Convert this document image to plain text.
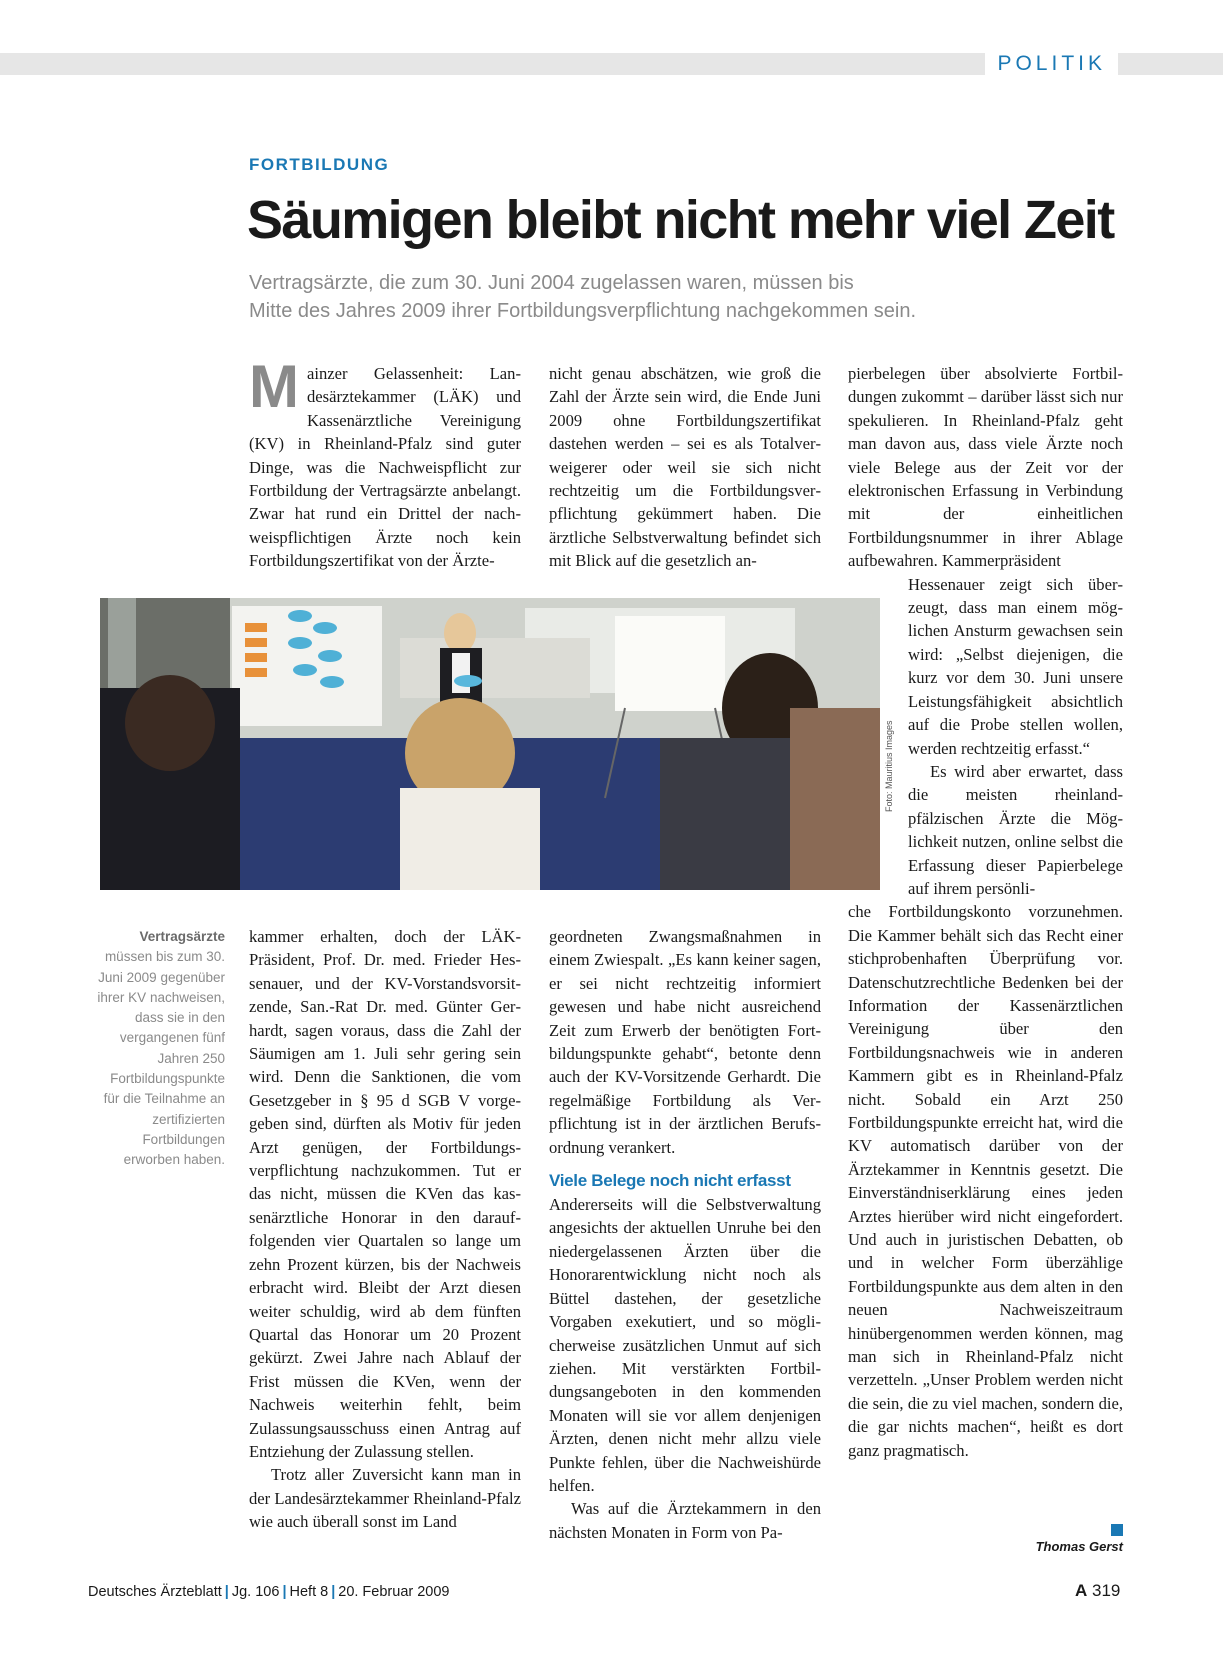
POLITIK
FORTBILDUNG
Säumigen bleibt nicht mehr viel Zeit
Vertragsärzte, die zum 30. Juni 2004 zugelassen waren, müssen bis
Mitte des Jahres 2009 ihrer Fortbildungsverpflichtung nachgekommen sein.

Mainzer Gelassenheit: Landesärztekammer (LÄK) und Kassenärztliche Vereinigung (KV) in Rheinland-Pfalz sind guter Dinge, was die Nachweispflicht zur Fortbildung der Vertragsärzte anbelangt. Zwar hat rund ein Drittel der nachweispflichtigen Ärzte noch kein Fortbildungszertifikat von der Ärzte-

nicht genau abschätzen, wie groß die Zahl der Ärzte sein wird, die Ende Juni 2009 ohne Fortbildungszertifikat dastehen werden – sei es als Totalverweigerer oder weil sie sich nicht rechtzeitig um die Fortbildungsverpflichtung gekümmert haben. Die ärztliche Selbstverwaltung befindet sich mit Blick auf die gesetzlich an-

pierbelegen über absolvierte Fortbildungen zukommt – darüber lässt sich nur spekulieren. In Rheinland-Pfalz geht man davon aus, dass viele Ärzte noch viele Belege aus der Zeit vor der elektronischen Erfassung in Verbindung mit der einheitlichen Fortbildungsnummer in ihrer Ablage aufbewahren. Kammerpräsident

Hessenauer zeigt sich überzeugt, dass man einem möglichen Ansturm gewachsen sein wird: „Selbst diejenigen, die kurz vor dem 30. Juni unsere Leistungsfähigkeit absichtlich auf die Probe stellen wollen, werden rechtzeitig erfasst.“

Es wird aber erwartet, dass die meisten rheinlandpfälzischen Ärzte die Möglichkeit nutzen, online selbst die Erfassung dieser Papierbelege auf ihrem persönli-

che Fortbildungskonto vorzunehmen. Die Kammer behält sich das Recht einer stichprobenhaften Überprüfung vor. Datenschutzrechtliche Bedenken bei der Information der Kassenärztlichen Vereinigung über den Fortbildungsnachweis wie in anderen Kammern gibt es in Rheinland-Pfalz nicht. Sobald ein Arzt 250 Fortbildungspunkte erreicht hat, wird die KV automatisch darüber von der Ärztekammer in Kenntnis gesetzt. Die Einverständniserklärung eines jeden Arztes hierüber wird nicht eingefordert. Und auch in juristischen Debatten, ob und in welcher Form überzählige Fortbildungspunkte aus dem alten in den neuen Nachweiszeitraum hinübergenommen werden können, mag man sich in Rheinland-Pfalz nicht verzetteln. „Unser Problem werden nicht die sein, die zu viel machen, sondern die, die gar nichts machen“, heißt es dort ganz pragmatisch.

Foto: Mauritius Images
Vertragsärzte
müssen bis zum 30. Juni 2009 gegenüber ihrer KV nachweisen, dass sie in den vergangenen fünf Jahren 250 Fortbildungspunkte für die Teilnahme an zertifizierten Fortbildungen erworben haben.

kammer erhalten, doch der LÄK-Präsident, Prof. Dr. med. Frieder Hessenauer, und der KV-Vorstandsvorsitzende, San.-Rat Dr. med. Günter Gerhardt, sagen voraus, dass die Zahl der Säumigen am 1. Juli sehr gering sein wird. Denn die Sanktionen, die vom Gesetzgeber in § 95 d SGB V vorgegeben sind, dürften als Motiv für jeden Arzt genügen, der Fortbildungsverpflichtung nachzukommen. Tut er das nicht, müssen die KVen das kassenärztliche Honorar in den darauffolgenden vier Quartalen so lange um zehn Prozent kürzen, bis der Nachweis erbracht wird. Bleibt der Arzt diesen weiter schuldig, wird ab dem fünften Quartal das Honorar um 20 Prozent gekürzt. Zwei Jahre nach Ablauf der Frist müssen die KVen, wenn der Nachweis weiterhin fehlt, beim Zulassungsausschuss einen Antrag auf Entziehung der Zulassung stellen.

Trotz aller Zuversicht kann man in der Landesärztekammer Rheinland-Pfalz wie auch überall sonst im Land

geordneten Zwangsmaßnahmen in einem Zwiespalt. „Es kann keiner sagen, er sei nicht rechtzeitig informiert gewesen und habe nicht ausreichend Zeit zum Erwerb der benötigten Fortbildungspunkte gehabt“, betonte denn auch der KV-Vorsitzende Gerhardt. Die regelmäßige Fortbildung als Verpflichtung ist in der ärztlichen Berufsordnung verankert.

Viele Belege noch nicht erfasst

Andererseits will die Selbstverwaltung angesichts der aktuellen Unruhe bei den niedergelassenen Ärzten über die Honorarentwicklung nicht noch als Büttel dastehen, der gesetzliche Vorgaben exekutiert, und so möglicherweise zusätzlichen Unmut auf sich ziehen. Mit verstärkten Fortbildungsangeboten in den kommenden Monaten will sie vor allem denjenigen Ärzten, denen nicht mehr allzu viele Punkte fehlen, über die Nachweishürde helfen.

Was auf die Ärztekammern in den nächsten Monaten in Form von Pa-

Thomas Gerst
Deutsches Ärzteblatt | Jg. 106 | Heft 8 | 20. Februar 2009	A 319
